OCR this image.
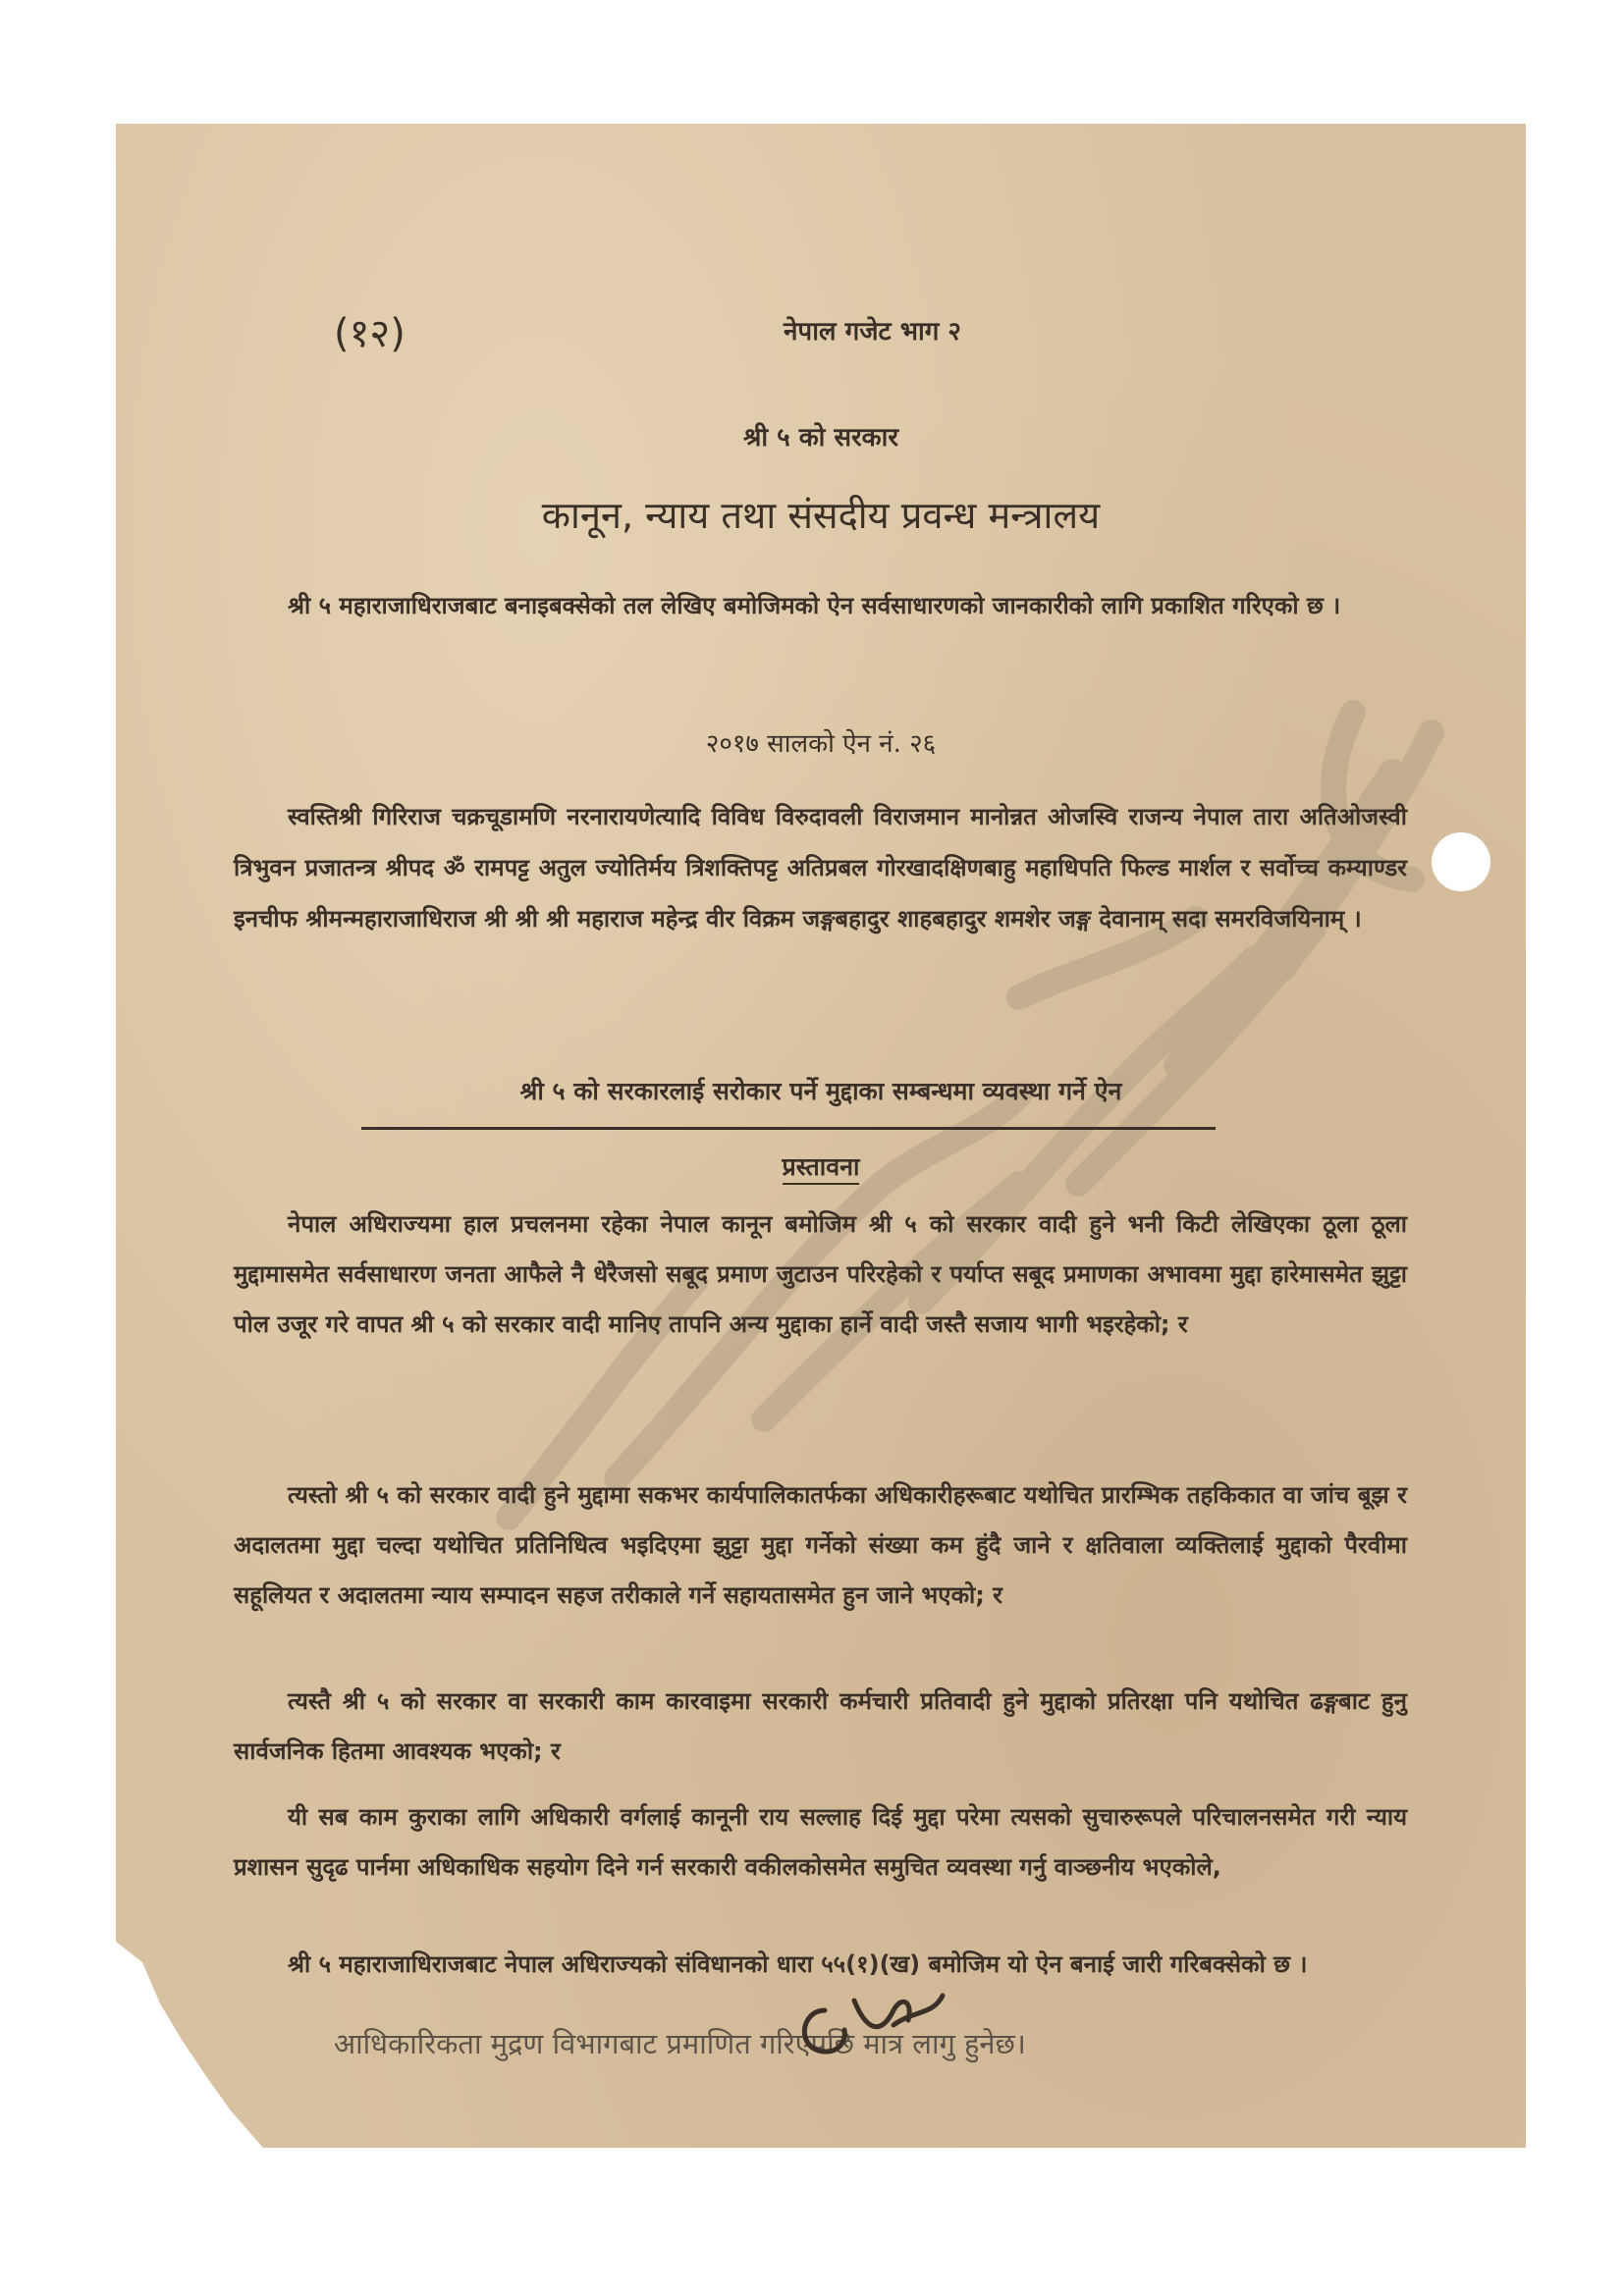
(१२)	नेपाल गजेट भाग २
श्री ५ को सरकार
कानून, न्याय तथा संसदीय प्रवन्ध मन्त्रालय
श्री ५ महाराजाधिराजबाट बनाइबक्सेको तल लेखिए बमोजिमको ऐन सर्वसाधारणको जानकारीको लागि प्रकाशित गरिएको छ ।
२०१७ सालको ऐन नं. २६
स्वस्तिश्री गिरिराज चक्रचूडामणि नरनारायणेत्यादि विविध विरुदावली विराजमान मानोन्नत ओजस्वि राजन्य नेपाल तारा अतिओजस्वी त्रिभुवन प्रजातन्त्र श्रीपद ॐ रामपट्ट अतुल ज्योतिर्मय त्रिशक्तिपट्ट अतिप्रबल गोरखादक्षिणबाहु महाधिपति फिल्ड मार्शल र सर्वोच्च कम्याण्डर इनचीफ श्रीमन्महाराजाधिराज श्री श्री श्री महाराज महेन्द्र वीर विक्रम जङ्गबहादुर शाहबहादुर शमशेर जङ्ग देवानाम् सदा समरविजयिनाम् ।
श्री ५ को सरकारलाई सरोकार पर्ने मुद्दाका सम्बन्धमा व्यवस्था गर्ने ऐन
प्रस्तावना
नेपाल अधिराज्यमा हाल प्रचलनमा रहेका नेपाल कानून बमोजिम श्री ५ को सरकार वादी हुने भनी किटी लेखिएका ठूला ठूला मुद्दामासमेत सर्वसाधारण जनता आफैले नै धेरैजसो सबूद प्रमाण जुटाउन परिरहेको र पर्याप्त सबूद प्रमाणका अभावमा मुद्दा हारेमासमेत झुट्टा पोल उजूर गरे वापत श्री ५ को सरकार वादी मानिए तापनि अन्य मुद्दाका हार्ने वादी जस्तै सजाय भागी भइरहेको; र
त्यस्तो श्री ५ को सरकार वादी हुने मुद्दामा सकभर कार्यपालिकातर्फका अधिकारीहरूबाट यथोचित प्रारम्भिक तहकिकात वा जांच बूझ र अदालतमा मुद्दा चल्दा यथोचित प्रतिनिधित्व भइदिएमा झुट्टा मुद्दा गर्नेको संख्या कम हुंदै जाने र क्षतिवाला व्यक्तिलाई मुद्दाको पैरवीमा सहूलियत र अदालतमा न्याय सम्पादन सहज तरीकाले गर्ने सहायतासमेत हुन जाने भएको; र
त्यस्तै श्री ५ को सरकार वा सरकारी काम कारवाइमा सरकारी कर्मचारी प्रतिवादी हुने मुद्दाको प्रतिरक्षा पनि यथोचित ढङ्गबाट हुनु सार्वजनिक हितमा आवश्यक भएको; र
यी सब काम कुराका लागि अधिकारी वर्गलाई कानूनी राय सल्लाह दिई मुद्दा परेमा त्यसको सुचारुरूपले परिचालनसमेत गरी न्याय प्रशासन सुदृढ पार्नमा अधिकाधिक सहयोग दिने गर्न सरकारी वकीलकोसमेत समुचित व्यवस्था गर्नु वाञ्छनीय भएकोले,
श्री ५ महाराजाधिराजबाट नेपाल अधिराज्यको संविधानको धारा ५५(१)(ख) बमोजिम यो ऐन बनाई जारी गरिबक्सेको छ ।
आधिकारिकता मुद्रण विभागबाट प्रमाणित गरिएपछि मात्र लागु हुनेछ।
